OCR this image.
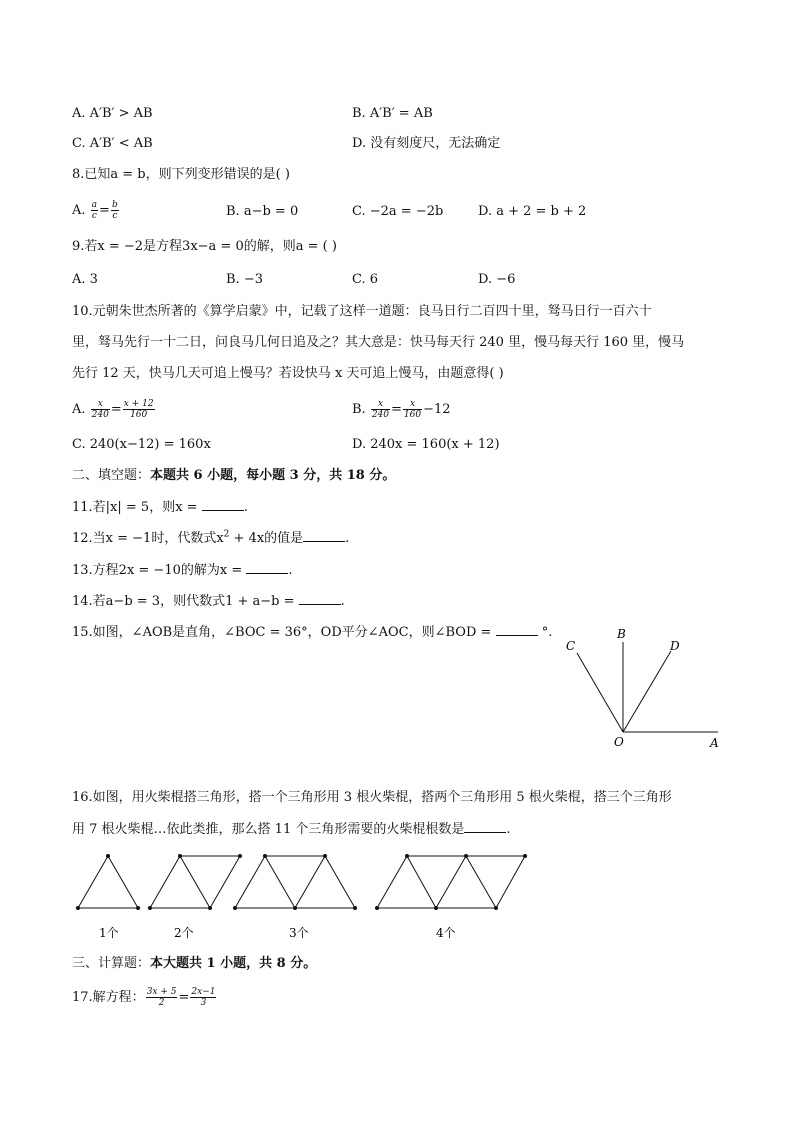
A. A′B′ > AB	B. A′B′ = AB
C. A′B′ < AB	D. 没有刻度尺，无法确定
8.已知a = b，则下列变形错误的是( )
A. $\frac{a}{c} = \frac{b}{c}$	B. a−b = 0	C. −2a = −2b	D. a + 2 = b + 2
9.若x = −2是方程3x−a = 0的解，则a = ( )
A. 3	B. −3	C. 6	D. −6
10.元朝朱世杰所著的《算学启蒙》中，记载了这样一道题：良马日行二百四十里，驽马日行一百六十
里，驽马先行一十二日，问良马几何日追及之？其大意是：快马每天行 240 里，慢马每天行 160 里，慢马
先行 12 天，快马几天可追上慢马？若设快马 x 天可追上慢马，由题意得( )
A. $\frac{x}{240} = \frac{x + 12}{160}$	B. $\frac{x}{240} = \frac{x}{160} -12$
C. 240(x−12) = 160x	D. 240x = 160(x + 12)
二、填空题：本题共 6 小题，每小题 3 分，共 18 分。
11.若|x| = 5，则x =	.
12.当x = −1时，代数式$x^2 + 4x$的值是	.
13.方程2x = −10的解为x =	.
14.若a−b = 3，则代数式1 + a−b =	.
15.如图，∠AOB是直角，∠BOC = 36°，OD平分∠AOC，则∠BOD =	°.
C
B
D
O	A
16.如图，用火柴棍搭三角形，搭一个三角形用 3 根火柴棍，搭两个三角形用 5 根火柴棍，搭三个三角形
用 7 根火柴棍…依此类推，那么搭 11 个三角形需要的火柴棍根数是	.
1个	2个	3个	4个
三、计算题：本大题共 1 小题，共 8 分。
17.解方程： $\frac{3x + 5}{2} = \frac{2x-1}{3}$
